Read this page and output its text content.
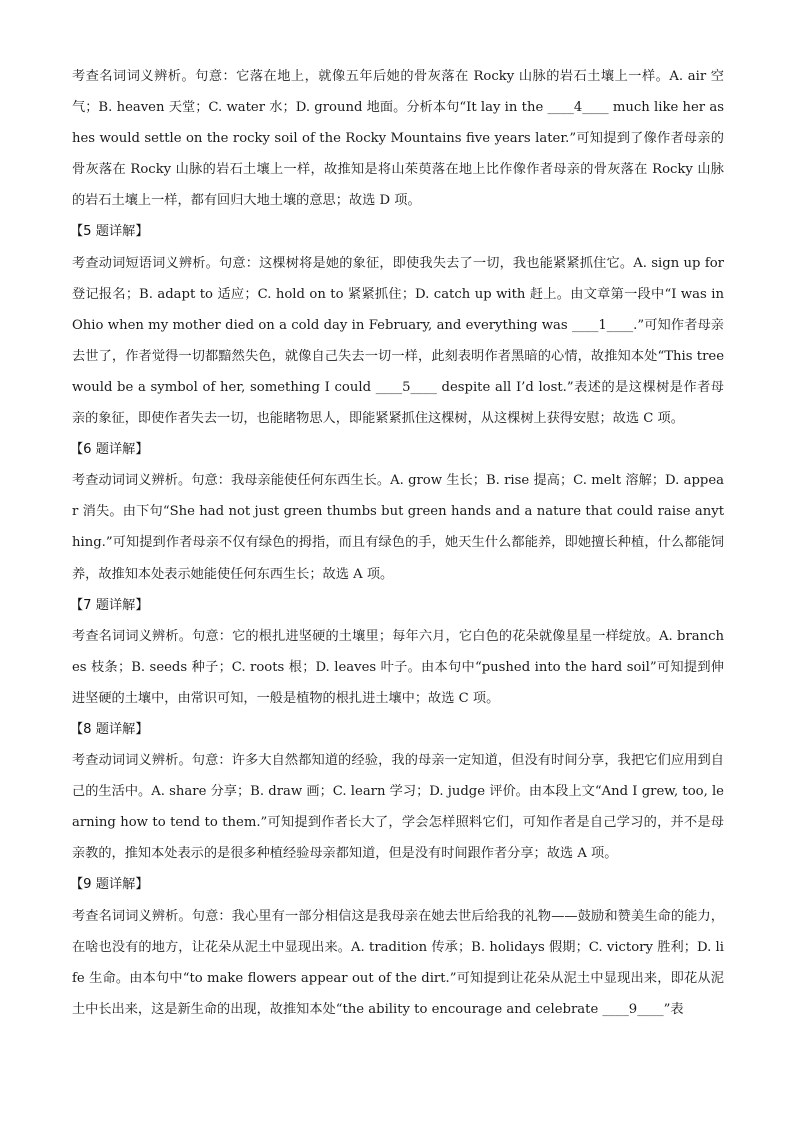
考查名词词义辨析。句意：它落在地上，就像五年后她的骨灰落在 Rocky 山脉的岩石土壤上一样。A. air 空气；B. heaven 天堂；C. water 水；D. ground 地面。分析本句“It lay in the ____4____ much like her ashes would settle on the rocky soil of the Rocky Mountains five years later.”可知提到了像作者母亲的骨灰落在 Rocky 山脉的岩石土壤上一样，故推知是将山茱萸落在地上比作像作者母亲的骨灰落在 Rocky 山脉的岩石土壤上一样，都有回归大地土壤的意思；故选 D 项。

【5 题详解】

考查动词短语词义辨析。句意：这棵树将是她的象征，即使我失去了一切，我也能紧紧抓住它。A. sign up for 登记报名；B. adapt to 适应；C. hold on to 紧紧抓住；D. catch up with 赶上。由文章第一段中“I was in Ohio when my mother died on a cold day in February, and everything was ____1____.”可知作者母亲去世了，作者觉得一切都黯然失色，就像自己失去一切一样，此刻表明作者黑暗的心情，故推知本处“This tree would be a symbol of her, something I could ____5____ despite all I’d lost.”表述的是这棵树是作者母亲的象征，即使作者失去一切，也能睹物思人，即能紧紧抓住这棵树，从这棵树上获得安慰；故选 C 项。

【6 题详解】

考查动词词义辨析。句意：我母亲能使任何东西生长。A. grow 生长；B. rise 提高；C. melt 溶解；D. appear 消失。由下句“She had not just green thumbs but green hands and a nature that could raise anything.”可知提到作者母亲不仅有绿色的拇指，而且有绿色的手，她天生什么都能养，即她擅长种植，什么都能饲养，故推知本处表示她能使任何东西生长；故选 A 项。

【7 题详解】

考查名词词义辨析。句意：它的根扎进坚硬的土壤里；每年六月，它白色的花朵就像星星一样绽放。A. branches 枝条；B. seeds 种子；C. roots 根；D. leaves 叶子。由本句中“pushed into the hard soil”可知提到伸进坚硬的土壤中，由常识可知，一般是植物的根扎进土壤中；故选 C 项。

【8 题详解】

考查动词词义辨析。句意：许多大自然都知道的经验，我的母亲一定知道，但没有时间分享，我把它们应用到自己的生活中。A. share 分享；B. draw 画；C. learn 学习；D. judge 评价。由本段上文“And I grew, too, learning how to tend to them.”可知提到作者长大了，学会怎样照料它们，可知作者是自己学习的，并不是母亲教的，推知本处表示的是很多种植经验母亲都知道，但是没有时间跟作者分享；故选 A 项。

【9 题详解】

考查名词词义辨析。句意：我心里有一部分相信这是我母亲在她去世后给我的礼物——鼓励和赞美生命的能力，在啥也没有的地方，让花朵从泥土中显现出来。A. tradition 传承；B. holidays 假期；C. victory 胜利；D. life 生命。由本句中“to make flowers appear out of the dirt.”可知提到让花朵从泥土中显现出来，即花从泥土中长出来，这是新生命的出现，故推知本处“the ability to encourage and celebrate ____9____”表
